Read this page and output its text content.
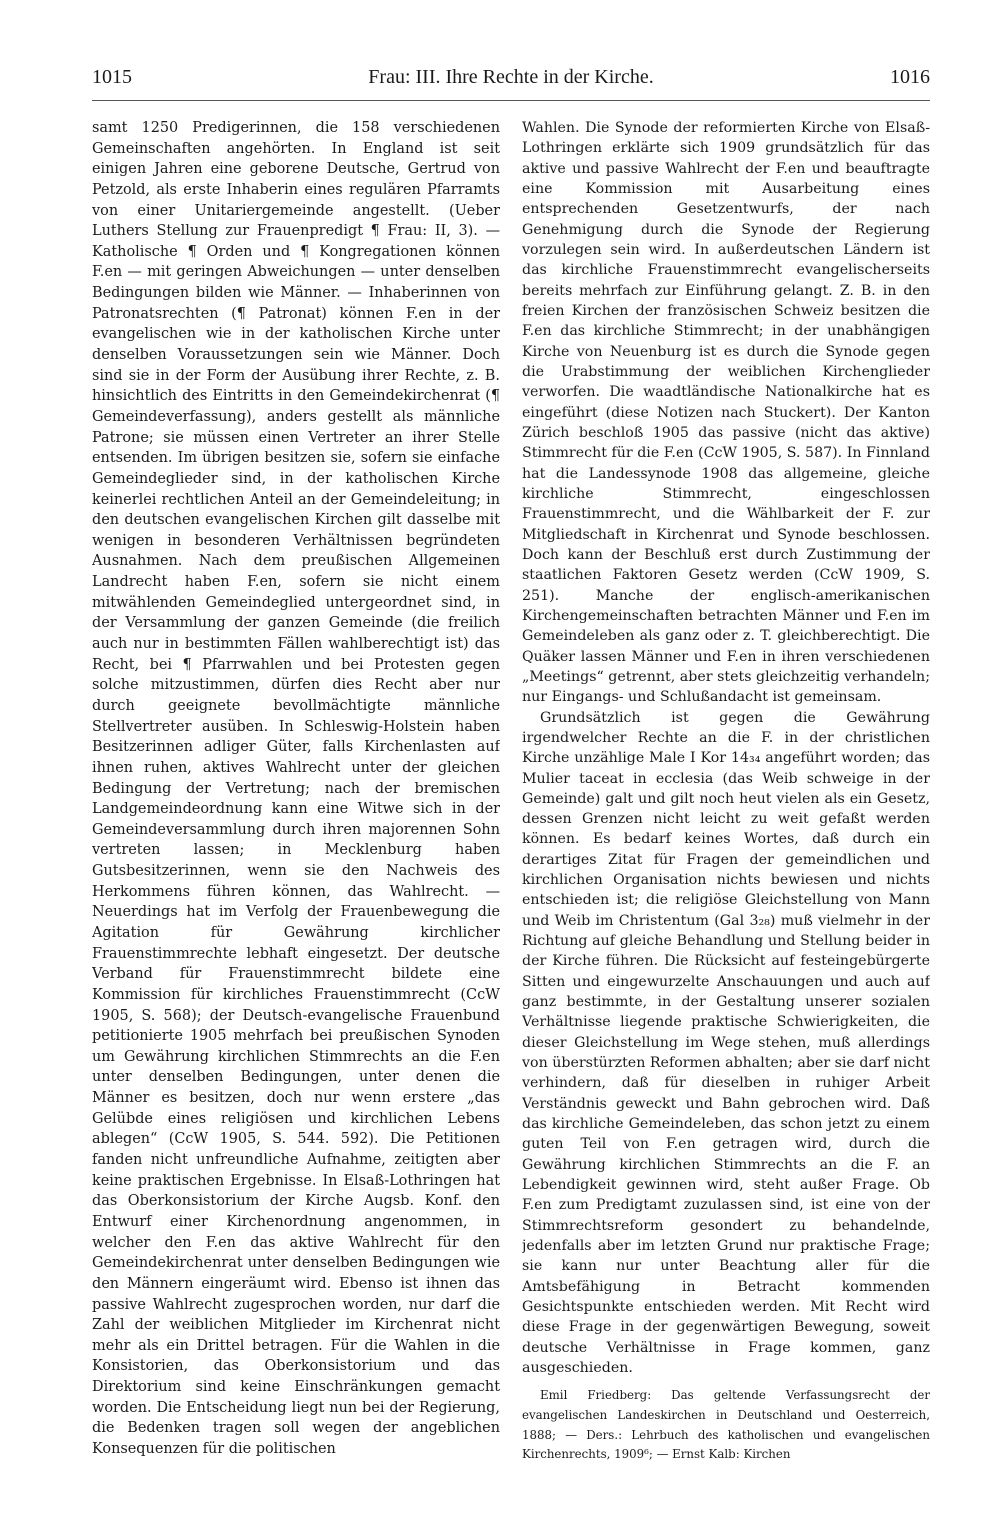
1015	Frau: III. Ihre Rechte in der Kirche.	1016

samt 1250 Predigerinnen, die 158 verschiedenen Gemeinschaften angehörten. In England ist seit einigen Jahren eine geborene Deutsche, Gertrud von Petzold, als erste Inhaberin eines regulären Pfarramts von einer Unitariergemeinde angestellt. (Ueber Luthers Stellung zur Frauenpredigt ¶ Frau: II, 3). — Katholische ¶ Orden und ¶ Kongregationen können F.en — mit geringen Abweichungen — unter denselben Bedingungen bilden wie Männer. — Inhaberinnen von Patronatsrechten (¶ Patronat) können F.en in der evangelischen wie in der katholischen Kirche unter denselben Voraussetzungen sein wie Männer. Doch sind sie in der Form der Ausübung ihrer Rechte, z. B. hinsichtlich des Eintritts in den Gemeindekirchenrat (¶ Gemeindeverfassung), anders gestellt als männliche Patrone; sie müssen einen Vertreter an ihrer Stelle entsenden. Im übrigen besitzen sie, sofern sie einfache Gemeindeglieder sind, in der katholischen Kirche keinerlei rechtlichen Anteil an der Gemeindeleitung; in den deutschen evangelischen Kirchen gilt dasselbe mit wenigen in besonderen Verhältnissen begründeten Ausnahmen. Nach dem preußischen Allgemeinen Landrecht haben F.en, sofern sie nicht einem mitwählenden Gemeindeglied untergeordnet sind, in der Versammlung der ganzen Gemeinde (die freilich auch nur in bestimmten Fällen wahlberechtigt ist) das Recht, bei ¶ Pfarrwahlen und bei Protesten gegen solche mitzustimmen, dürfen dies Recht aber nur durch geeignete bevollmächtigte männliche Stellvertreter ausüben. In Schleswig-Holstein haben Besitzerinnen adliger Güter, falls Kirchenlasten auf ihnen ruhen, aktives Wahlrecht unter der gleichen Bedingung der Vertretung; nach der bremischen Landgemeindeordnung kann eine Witwe sich in der Gemeindeversammlung durch ihren majorennen Sohn vertreten lassen; in Mecklenburg haben Gutsbesitzerinnen, wenn sie den Nachweis des Herkommens führen können, das Wahlrecht. — Neuerdings hat im Verfolg der Frauenbewegung die Agitation für Gewährung kirchlicher Frauenstimmrechte lebhaft eingesetzt. Der deutsche Verband für Frauenstimmrecht bildete eine Kommission für kirchliches Frauenstimmrecht (CcW 1905, S. 568); der Deutsch-evangelische Frauenbund petitionierte 1905 mehrfach bei preußischen Synoden um Gewährung kirchlichen Stimmrechts an die F.en unter denselben Bedingungen, unter denen die Männer es besitzen, doch nur wenn erstere „das Gelübde eines religiösen und kirchlichen Lebens ablegen“ (CcW 1905, S. 544. 592). Die Petitionen fanden nicht unfreundliche Aufnahme, zeitigten aber keine praktischen Ergebnisse. In Elsaß-Lothringen hat das Oberkonsistorium der Kirche Augsb. Konf. den Entwurf einer Kirchenordnung angenommen, in welcher den F.en das aktive Wahlrecht für den Gemeindekirchenrat unter denselben Bedingungen wie den Männern eingeräumt wird. Ebenso ist ihnen das passive Wahlrecht zugesprochen worden, nur darf die Zahl der weiblichen Mitglieder im Kirchenrat nicht mehr als ein Drittel betragen. Für die Wahlen in die Konsistorien, das Oberkonsistorium und das Direktorium sind keine Einschränkungen gemacht worden. Die Entscheidung liegt nun bei der Regierung, die Bedenken tragen soll wegen der angeblichen Konsequenzen für die politischen

Wahlen. Die Synode der reformierten Kirche von Elsaß-Lothringen erklärte sich 1909 grundsätzlich für das aktive und passive Wahlrecht der F.en und beauftragte eine Kommission mit Ausarbeitung eines entsprechenden Gesetzentwurfs, der nach Genehmigung durch die Synode der Regierung vorzulegen sein wird. In außerdeutschen Ländern ist das kirchliche Frauenstimmrecht evangelischerseits bereits mehrfach zur Einführung gelangt. Z. B. in den freien Kirchen der französischen Schweiz besitzen die F.en das kirchliche Stimmrecht; in der unabhängigen Kirche von Neuenburg ist es durch die Synode gegen die Urabstimmung der weiblichen Kirchenglieder verworfen. Die waadtländische Nationalkirche hat es eingeführt (diese Notizen nach Stuckert). Der Kanton Zürich beschloß 1905 das passive (nicht das aktive) Stimmrecht für die F.en (CcW 1905, S. 587). In Finnland hat die Landessynode 1908 das allgemeine, gleiche kirchliche Stimmrecht, eingeschlossen Frauenstimmrecht, und die Wählbarkeit der F. zur Mitgliedschaft in Kirchenrat und Synode beschlossen. Doch kann der Beschluß erst durch Zustimmung der staatlichen Faktoren Gesetz werden (CcW 1909, S. 251). Manche der englisch-amerikanischen Kirchengemeinschaften betrachten Männer und F.en im Gemeindeleben als ganz oder z. T. gleichberechtigt. Die Quäker lassen Männer und F.en in ihren verschiedenen „Meetings“ getrennt, aber stets gleichzeitig verhandeln; nur Eingangs- und Schlußandacht ist gemeinsam.

Grundsätzlich ist gegen die Gewährung irgendwelcher Rechte an die F. in der christlichen Kirche unzählige Male I Kor 14₃₄ angeführt worden; das Mulier taceat in ecclesia (das Weib schweige in der Gemeinde) galt und gilt noch heut vielen als ein Gesetz, dessen Grenzen nicht leicht zu weit gefaßt werden können. Es bedarf keines Wortes, daß durch ein derartiges Zitat für Fragen der gemeindlichen und kirchlichen Organisation nichts bewiesen und nichts entschieden ist; die religiöse Gleichstellung von Mann und Weib im Christentum (Gal 3₂₈) muß vielmehr in der Richtung auf gleiche Behandlung und Stellung beider in der Kirche führen. Die Rücksicht auf festeingebürgerte Sitten und eingewurzelte Anschauungen und auch auf ganz bestimmte, in der Gestaltung unserer sozialen Verhältnisse liegende praktische Schwierigkeiten, die dieser Gleichstellung im Wege stehen, muß allerdings von überstürzten Reformen abhalten; aber sie darf nicht verhindern, daß für dieselben in ruhiger Arbeit Verständnis geweckt und Bahn gebrochen wird. Daß das kirchliche Gemeindeleben, das schon jetzt zu einem guten Teil von F.en getragen wird, durch die Gewährung kirchlichen Stimmrechts an die F. an Lebendigkeit gewinnen wird, steht außer Frage. Ob F.en zum Predigtamt zuzulassen sind, ist eine von der Stimmrechtsreform gesondert zu behandelnde, jedenfalls aber im letzten Grund nur praktische Frage; sie kann nur unter Beachtung aller für die Amtsbefähigung in Betracht kommenden Gesichtspunkte entschieden werden. Mit Recht wird diese Frage in der gegenwärtigen Bewegung, soweit deutsche Verhältnisse in Frage kommen, ganz ausgeschieden.

Emil Friedberg: Das geltende Verfassungsrecht der evangelischen Landeskirchen in Deutschland und Oesterreich, 1888; — Ders.: Lehrbuch des katholischen und evangelischen Kirchenrechts, 1909⁶; — Ernst Kalb: Kirchen
